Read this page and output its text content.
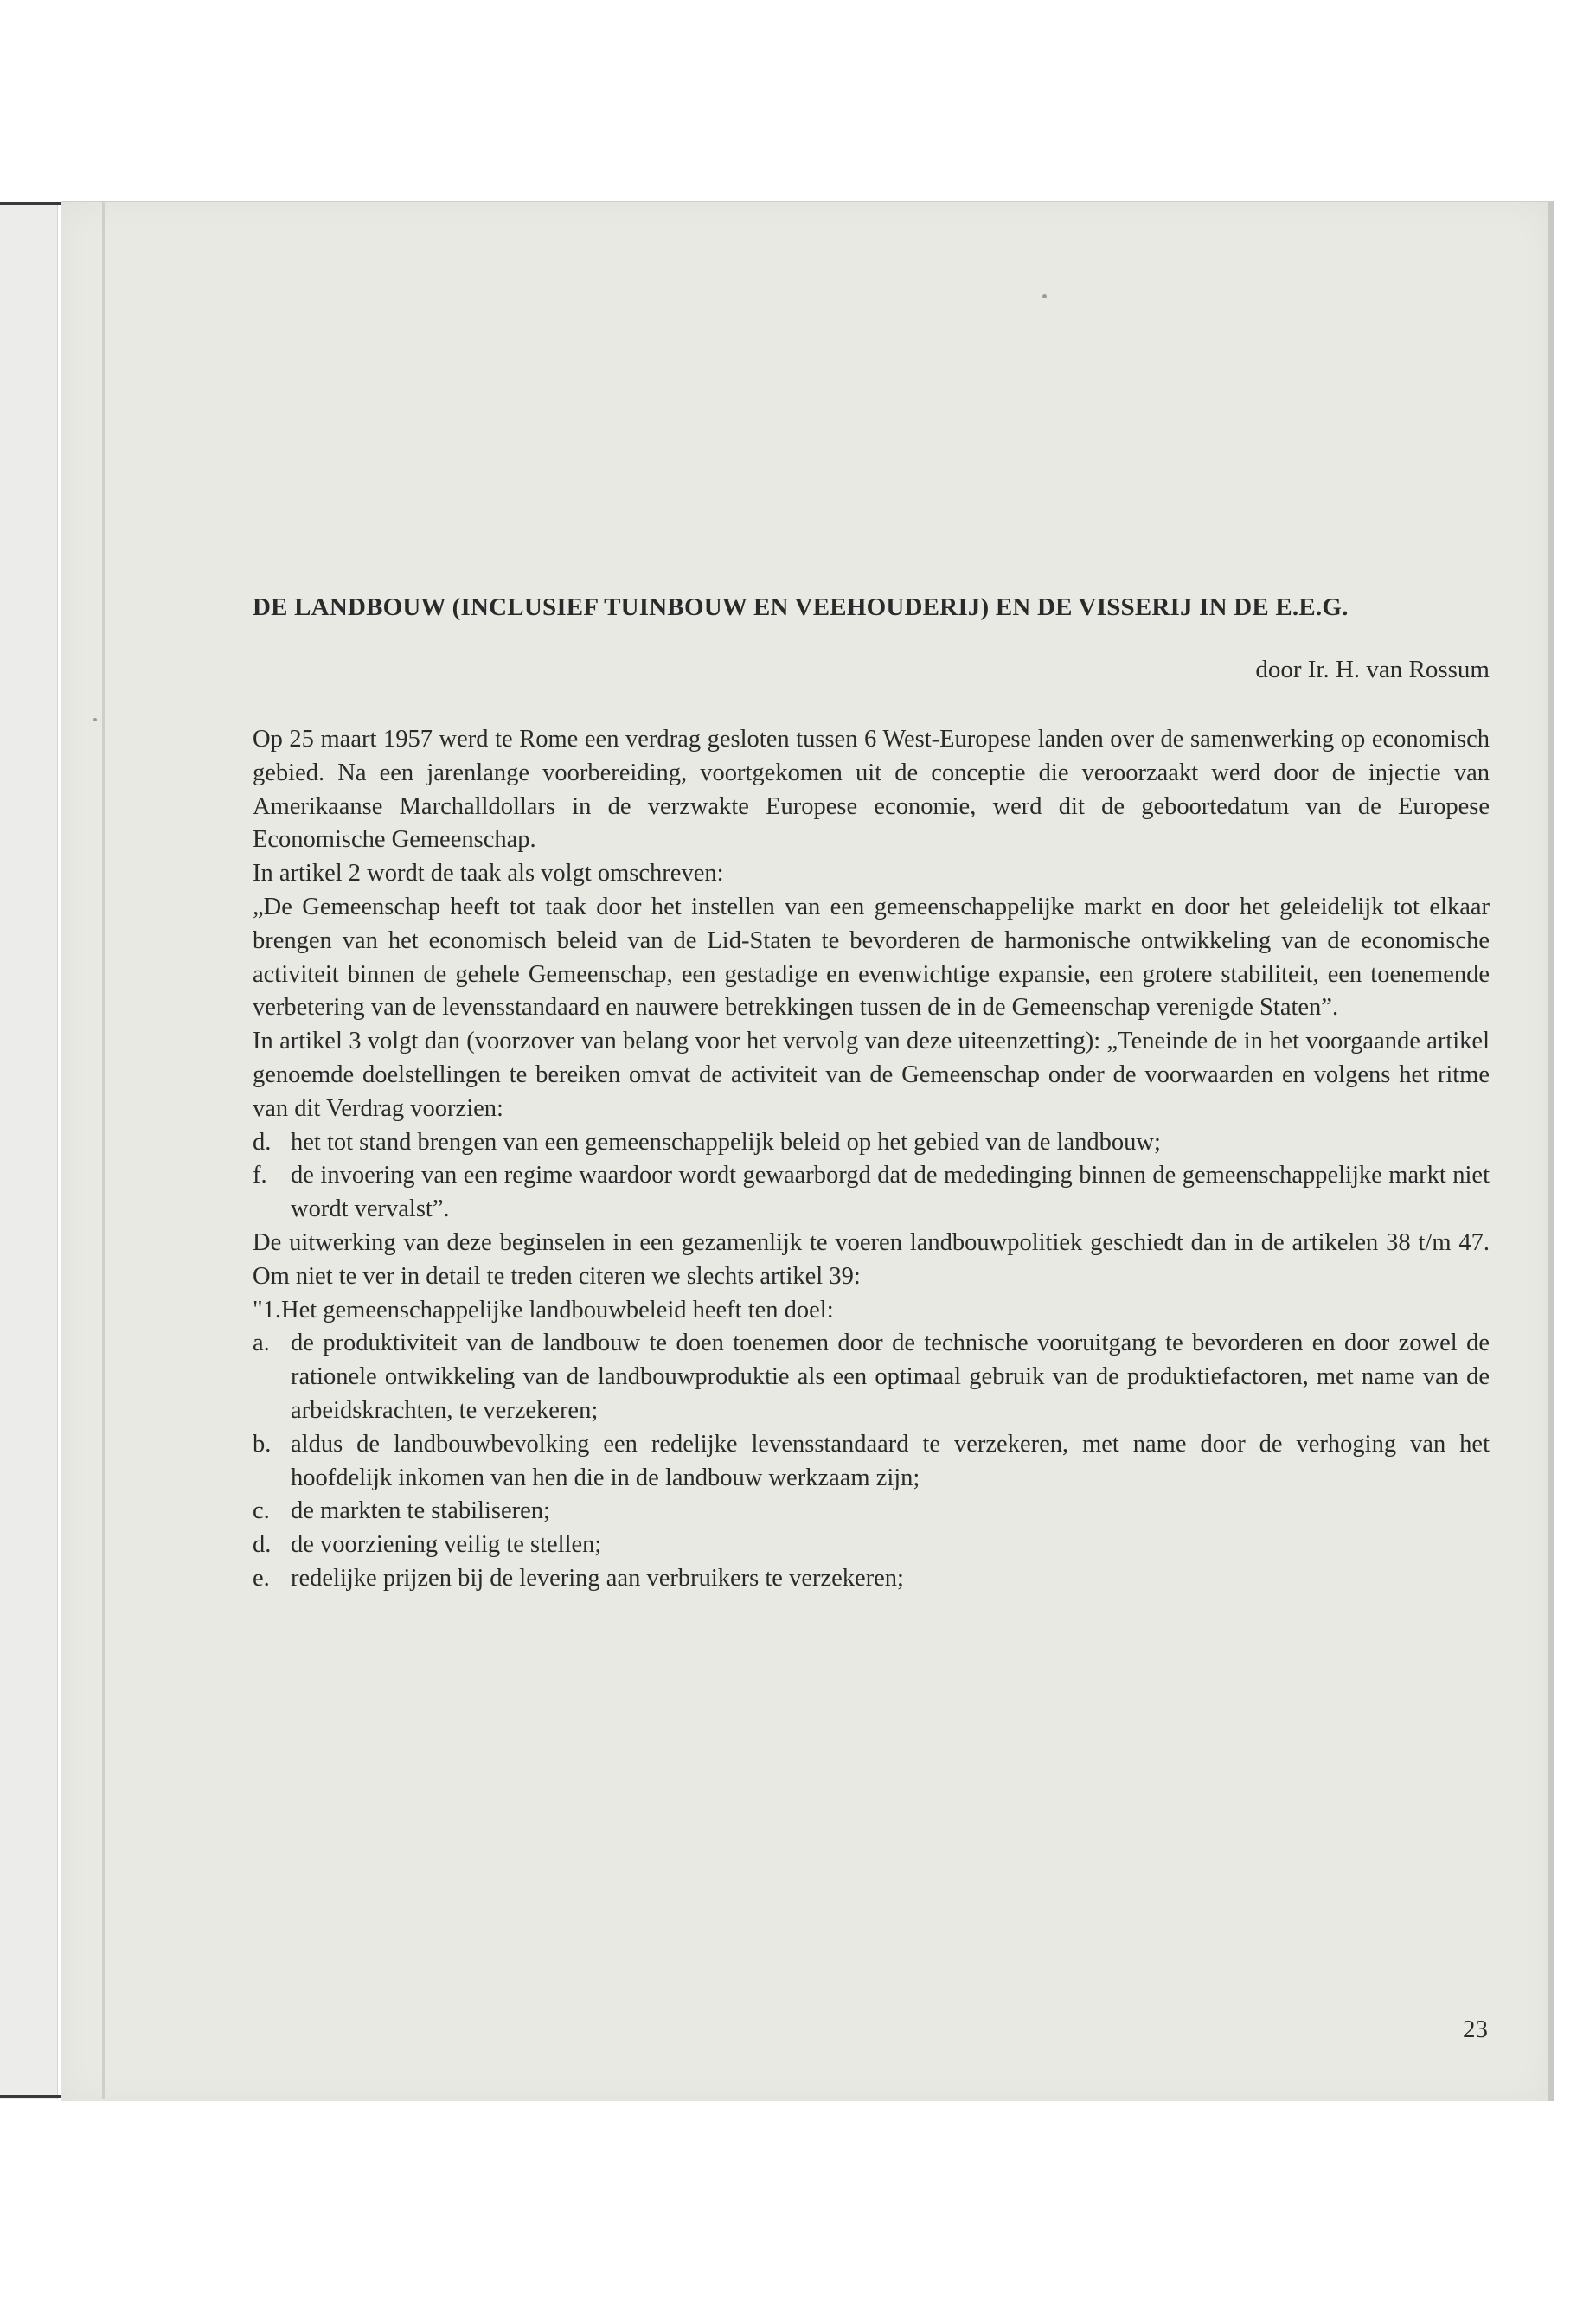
DE LANDBOUW (INCLUSIEF TUINBOUW EN VEEHOUDERIJ) EN DE VISSERIJ IN DE E.E.G.
door Ir. H. van Rossum

Op 25 maart 1957 werd te Rome een verdrag gesloten tussen 6 West-Europese landen over de samenwerking op economisch gebied. Na een jarenlange voorbereiding, voortgekomen uit de conceptie die veroorzaakt werd door de injectie van Amerikaanse Marchalldollars in de verzwakte Europese economie, werd dit de geboortedatum van de Europese Economische Gemeenschap.

In artikel 2 wordt de taak als volgt omschreven:

„De Gemeenschap heeft tot taak door het instellen van een gemeenschappelijke markt en door het geleidelijk tot elkaar brengen van het economisch beleid van de Lid-Staten te bevorderen de harmonische ontwikkeling van de economische activiteit binnen de gehele Gemeenschap, een gestadige en evenwichtige expansie, een grotere stabiliteit, een toenemende verbetering van de levensstandaard en nauwere betrekkingen tussen de in de Gemeenschap verenigde Staten”.

In artikel 3 volgt dan (voorzover van belang voor het vervolg van deze uiteenzetting): „Teneinde de in het voorgaande artikel genoemde doelstellingen te bereiken omvat de activiteit van de Gemeenschap onder de voorwaarden en volgens het ritme van dit Verdrag voorzien:

d. het tot stand brengen van een gemeenschappelijk beleid op het gebied van de landbouw;
f. de invoering van een regime waardoor wordt gewaarborgd dat de mededinging binnen de gemeenschappelijke markt niet wordt vervalst”.

De uitwerking van deze beginselen in een gezamenlijk te voeren landbouwpolitiek geschiedt dan in de artikelen 38 t/m 47. Om niet te ver in detail te treden citeren we slechts artikel 39:

"1.Het gemeenschappelijke landbouwbeleid heeft ten doel:

a. de produktiviteit van de landbouw te doen toenemen door de technische vooruitgang te bevorderen en door zowel de rationele ontwikkeling van de landbouwproduktie als een optimaal gebruik van de produktiefactoren, met name van de arbeidskrachten, te verzekeren;
b. aldus de landbouwbevolking een redelijke levensstandaard te verzekeren, met name door de verhoging van het hoofdelijk inkomen van hen die in de landbouw werkzaam zijn;
c. de markten te stabiliseren;
d. de voorziening veilig te stellen;
e. redelijke prijzen bij de levering aan verbruikers te verzekeren;
23
